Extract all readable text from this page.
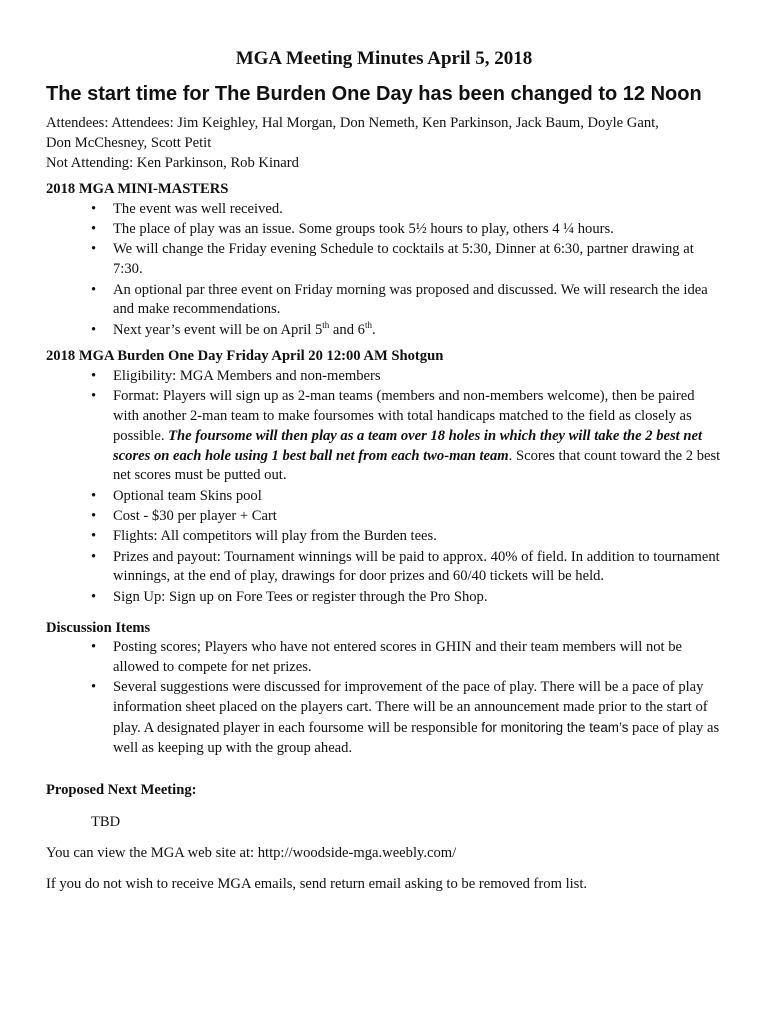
MGA Meeting Minutes April 5, 2018

The start time for The Burden One Day has been changed to 12 Noon

Attendees: Attendees: Jim Keighley, Hal Morgan, Don Nemeth, Ken Parkinson, Jack Baum, Doyle Gant,
Don McChesney, Scott Petit
Not Attending: Ken Parkinson, Rob Kinard
2018 MGA MINI-MASTERS
• The event was well received.
• The place of play was an issue. Some groups took 5½ hours to play, others 4 ¼ hours.
• We will change the Friday evening Schedule to cocktails at 5:30, Dinner at 6:30, partner drawing at 7:30.
• An optional par three event on Friday morning was proposed and discussed. We will research the idea and make recommendations.
• Next year’s event will be on April 5th and 6th.
2018 MGA Burden One Day Friday April 20 12:00 AM Shotgun
• Eligibility: MGA Members and non-members
• Format: Players will sign up as 2-man teams (members and non-members welcome), then be paired with another 2-man team to make foursomes with total handicaps matched to the field as closely as possible. The foursome will then play as a team over 18 holes in which they will take the 2 best net scores on each hole using 1 best ball net from each two-man team. Scores that count toward the 2 best net scores must be putted out.
• Optional team Skins pool
• Cost - $30 per player + Cart
• Flights: All competitors will play from the Burden tees.
• Prizes and payout: Tournament winnings will be paid to approx. 40% of field. In addition to tournament winnings, at the end of play, drawings for door prizes and 60/40 tickets will be held.
• Sign Up: Sign up on Fore Tees or register through the Pro Shop.
Discussion Items
• Posting scores; Players who have not entered scores in GHIN and their team members will not be allowed to compete for net prizes.
• Several suggestions were discussed for improvement of the pace of play. There will be a pace of play information sheet placed on the players cart. There will be an announcement made prior to the start of play. A designated player in each foursome will be responsible for monitoring the team’s pace of play as well as keeping up with the group ahead.
Proposed Next Meeting:
TBD
You can view the MGA web site at: http://woodside-mga.weebly.com/
If you do not wish to receive MGA emails, send return email asking to be removed from list.
